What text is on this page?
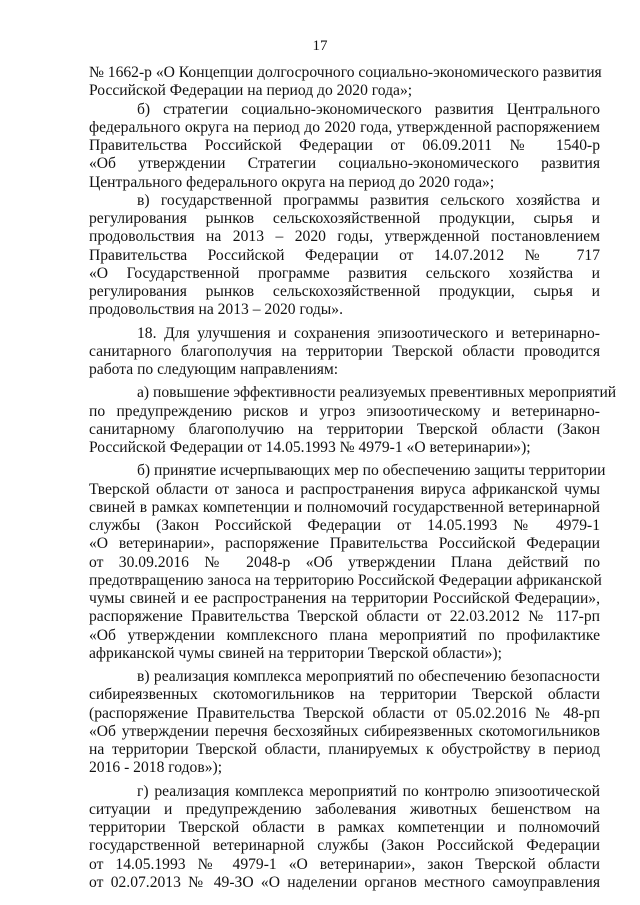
17
№ 1662-р «О Концепции долгосрочного социально-экономического развития
Российской Федерации на период до 2020 года»;
б) стратегии социально-экономического развития Центрального
федерального округа на период до 2020 года, утвержденной распоряжением
Правительства Российской Федерации от 06.09.2011 № 1540-р
«Об утверждении Стратегии социально-экономического развития
Центрального федерального округа на период до 2020 года»;
в) государственной программы развития сельского хозяйства и
регулирования рынков сельскохозяйственной продукции, сырья и
продовольствия на 2013 – 2020 годы, утвержденной постановлением
Правительства Российской Федерации от 14.07.2012 № 717
«О Государственной программе развития сельского хозяйства и
регулирования рынков сельскохозяйственной продукции, сырья и
продовольствия на 2013 – 2020 годы».
18. Для улучшения и сохранения эпизоотического и ветеринарно-
санитарного благополучия на территории Тверской области проводится
работа по следующим направлениям:
а) повышение эффективности реализуемых превентивных мероприятий
по предупреждению рисков и угроз эпизоотическому и ветеринарно-
санитарному благополучию на территории Тверской области (Закон
Российской Федерации от 14.05.1993 № 4979-1 «О ветеринарии»);
б) принятие исчерпывающих мер по обеспечению защиты территории
Тверской области от заноса и распространения вируса африканской чумы
свиней в рамках компетенции и полномочий государственной ветеринарной
службы (Закон Российской Федерации от 14.05.1993 № 4979-1
«О ветеринарии», распоряжение Правительства Российской Федерации
от 30.09.2016 № 2048-р «Об утверждении Плана действий по
предотвращению заноса на территорию Российской Федерации африканской
чумы свиней и ее распространения на территории Российской Федерации»,
распоряжение Правительства Тверской области от 22.03.2012 № 117-рп
«Об утверждении комплексного плана мероприятий по профилактике
африканской чумы свиней на территории Тверской области»);
в) реализация комплекса мероприятий по обеспечению безопасности
сибиреязвенных скотомогильников на территории Тверской области
(распоряжение Правительства Тверской области от 05.02.2016 № 48-рп
«Об утверждении перечня бесхозяйных сибиреязвенных скотомогильников
на территории Тверской области, планируемых к обустройству в период
2016 - 2018 годов»);
г) реализация комплекса мероприятий по контролю эпизоотической
ситуации и предупреждению заболевания животных бешенством на
территории Тверской области в рамках компетенции и полномочий
государственной ветеринарной службы (Закон Российской Федерации
от 14.05.1993 № 4979-1 «О ветеринарии», закон Тверской области
от 02.07.2013 № 49-ЗО «О наделении органов местного самоуправления
